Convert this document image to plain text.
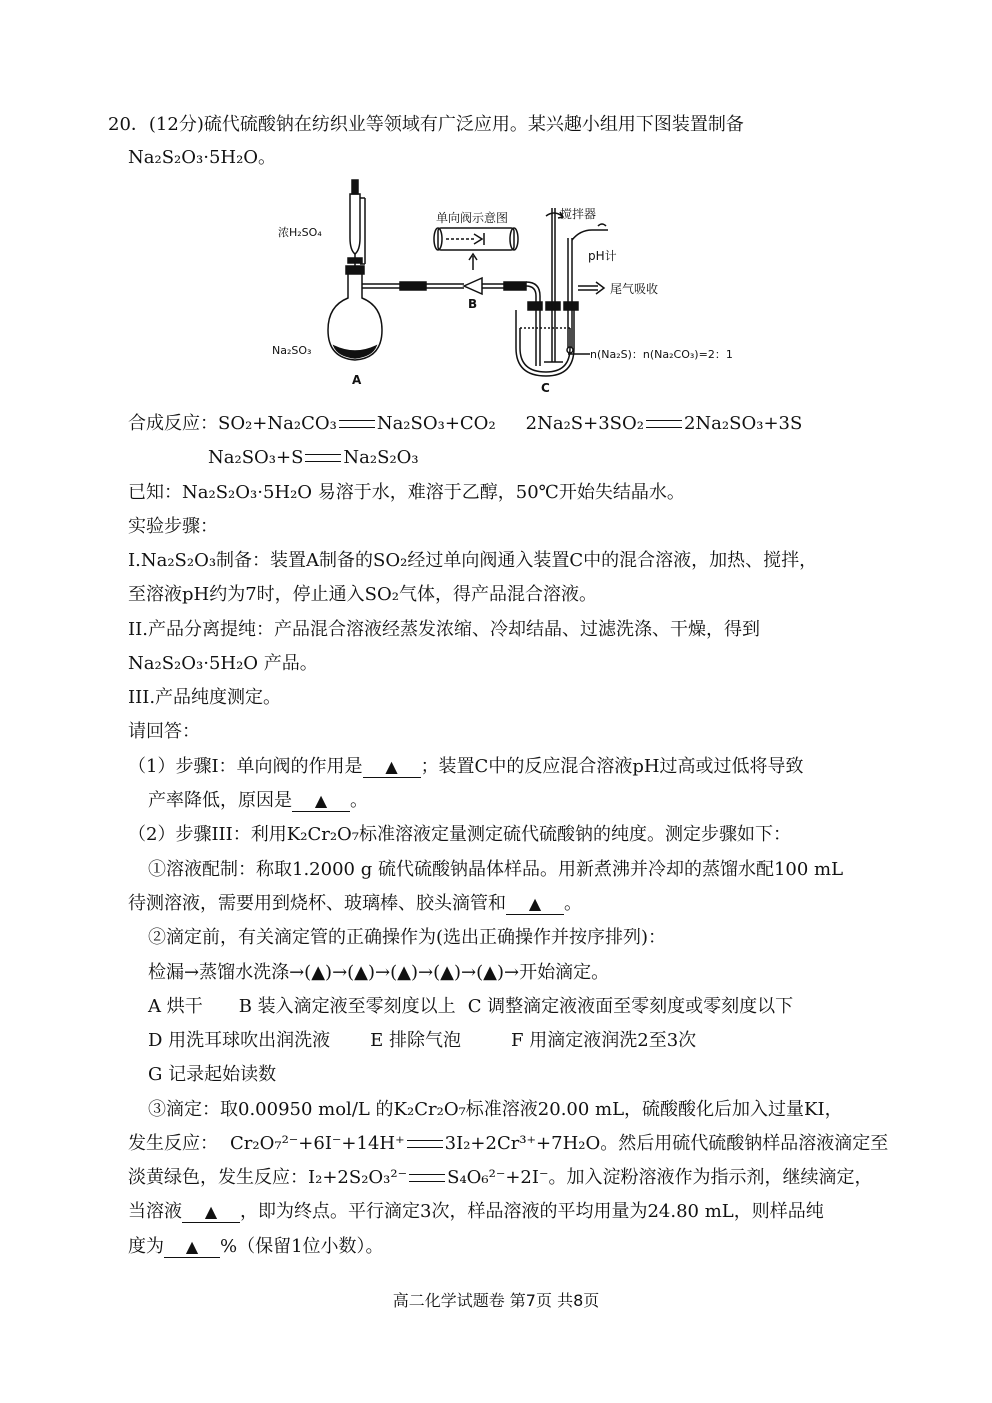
20．(12分)硫代硫酸钠在纺织业等领域有广泛应用。某兴趣小组用下图装置制备
Na₂S₂O₃·5H₂O。
浓H₂SO₄
Na₂SO₃
A
B
C
单向阀示意图	搅拌器
pH计
尾气吸收
n(Na₂S)：n(Na₂CO₃)=2：1
合成反应：SO₂+Na₂CO₃ Na₂SO₃+CO₂ 2Na₂S+3SO₂ 2Na₂SO₃+3S
Na₂SO₃+S Na₂S₂O₃
已知：Na₂S₂O₃·5H₂O 易溶于水，难溶于乙醇，50℃开始失结晶水。
实验步骤：
I.Na₂S₂O₃制备：装置A制备的SO₂经过单向阀通入装置C中的混合溶液，加热、搅拌，
至溶液pH约为7时，停止通入SO₂气体，得产品混合溶液。
II.产品分离提纯：产品混合溶液经蒸发浓缩、冷却结晶、过滤洗涤、干燥，得到
Na₂S₂O₃·5H₂O 产品。
III.产品纯度测定。
请回答：
（1）步骤I：单向阀的作用是 ▲ ；装置C中的反应混合溶液pH过高或过低将导致
产率降低，原因是 ▲ 。
（2）步骤III：利用K₂Cr₂O₇标准溶液定量测定硫代硫酸钠的纯度。测定步骤如下：
①溶液配制：称取1.2000 g 硫代硫酸钠晶体样品。用新煮沸并冷却的蒸馏水配100 mL
待测溶液，需要用到烧杯、玻璃棒、胶头滴管和 ▲ 。
②滴定前，有关滴定管的正确操作为(选出正确操作并按序排列)：
检漏→蒸馏水洗涤→(▲)→(▲)→(▲)→(▲)→(▲)→开始滴定。
A 烘干 B 装入滴定液至零刻度以上 C 调整滴定液液面至零刻度或零刻度以下
D 用洗耳球吹出润洗液 E 排除气泡	F 用滴定液润洗2至3次
G 记录起始读数
③滴定：取0.00950 mol/L 的K₂Cr₂O₇标准溶液20.00 mL，硫酸酸化后加入过量KI，
发生反应： Cr₂O₇²⁻+6I⁻+14H⁺ 3I₂+2Cr³⁺+7H₂O。然后用硫代硫酸钠样品溶液滴定至
淡黄绿色，发生反应：I₂+2S₂O₃²⁻ S₄O₆²⁻+2I⁻。加入淀粉溶液作为指示剂，继续滴定，
当溶液 ▲ ，即为终点。平行滴定3次，样品溶液的平均用量为24.80 mL，则样品纯
度为 ▲ %（保留1位小数）。
高二化学试题卷 第7页 共8页
